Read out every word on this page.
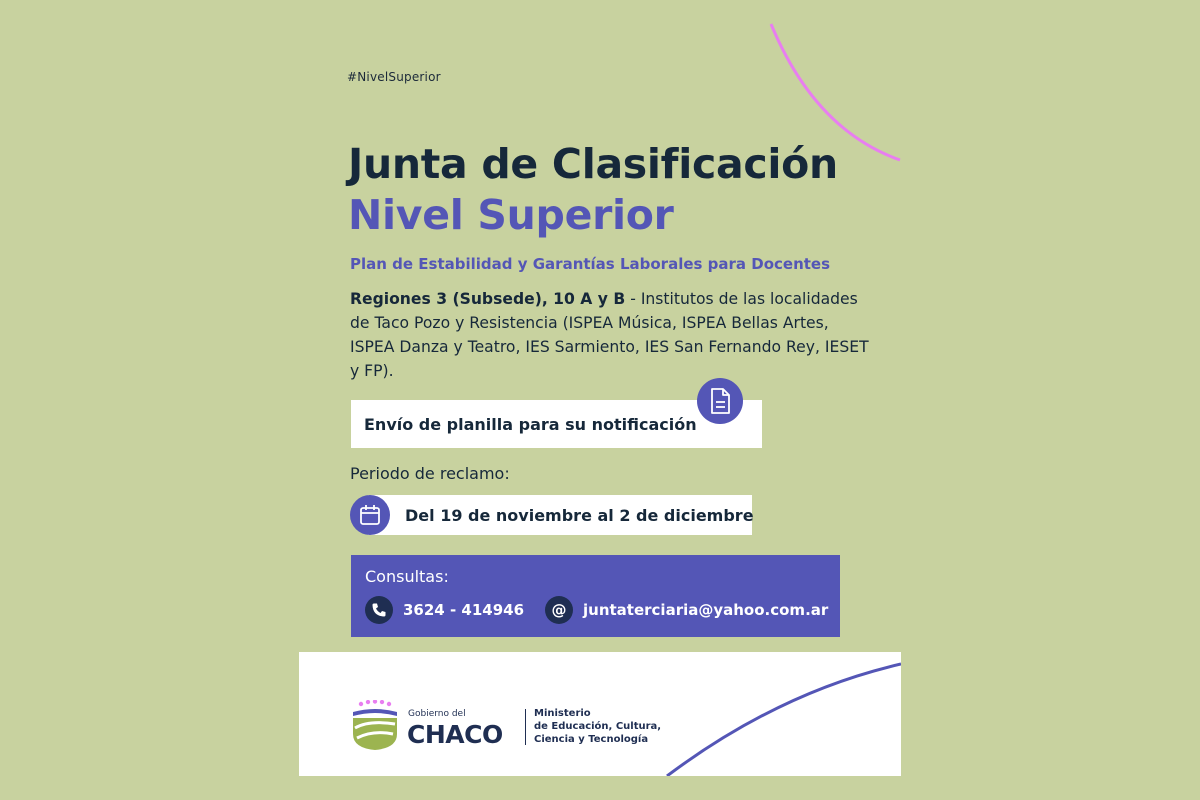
#NivelSuperior
Junta de Clasificación
Nivel Superior
Plan de Estabilidad y Garantías Laborales para Docentes

Regiones 3 (Subsede), 10 A y B - Institutos de las localidades de Taco Pozo y Resistencia (ISPEA Música, ISPEA Bellas Artes, ISPEA Danza y Teatro, IES Sarmiento, IES San Fernando Rey, IESET y FP).

Envío de planilla para su notificación
Periodo de reclamo:
Del 19 de noviembre al 2 de diciembre
Consultas:
3624 - 414946 @ juntaterciaria@yahoo.com.ar
Gobierno del
CHACO
Ministerio
de Educación, Cultura,
Ciencia y Tecnología
